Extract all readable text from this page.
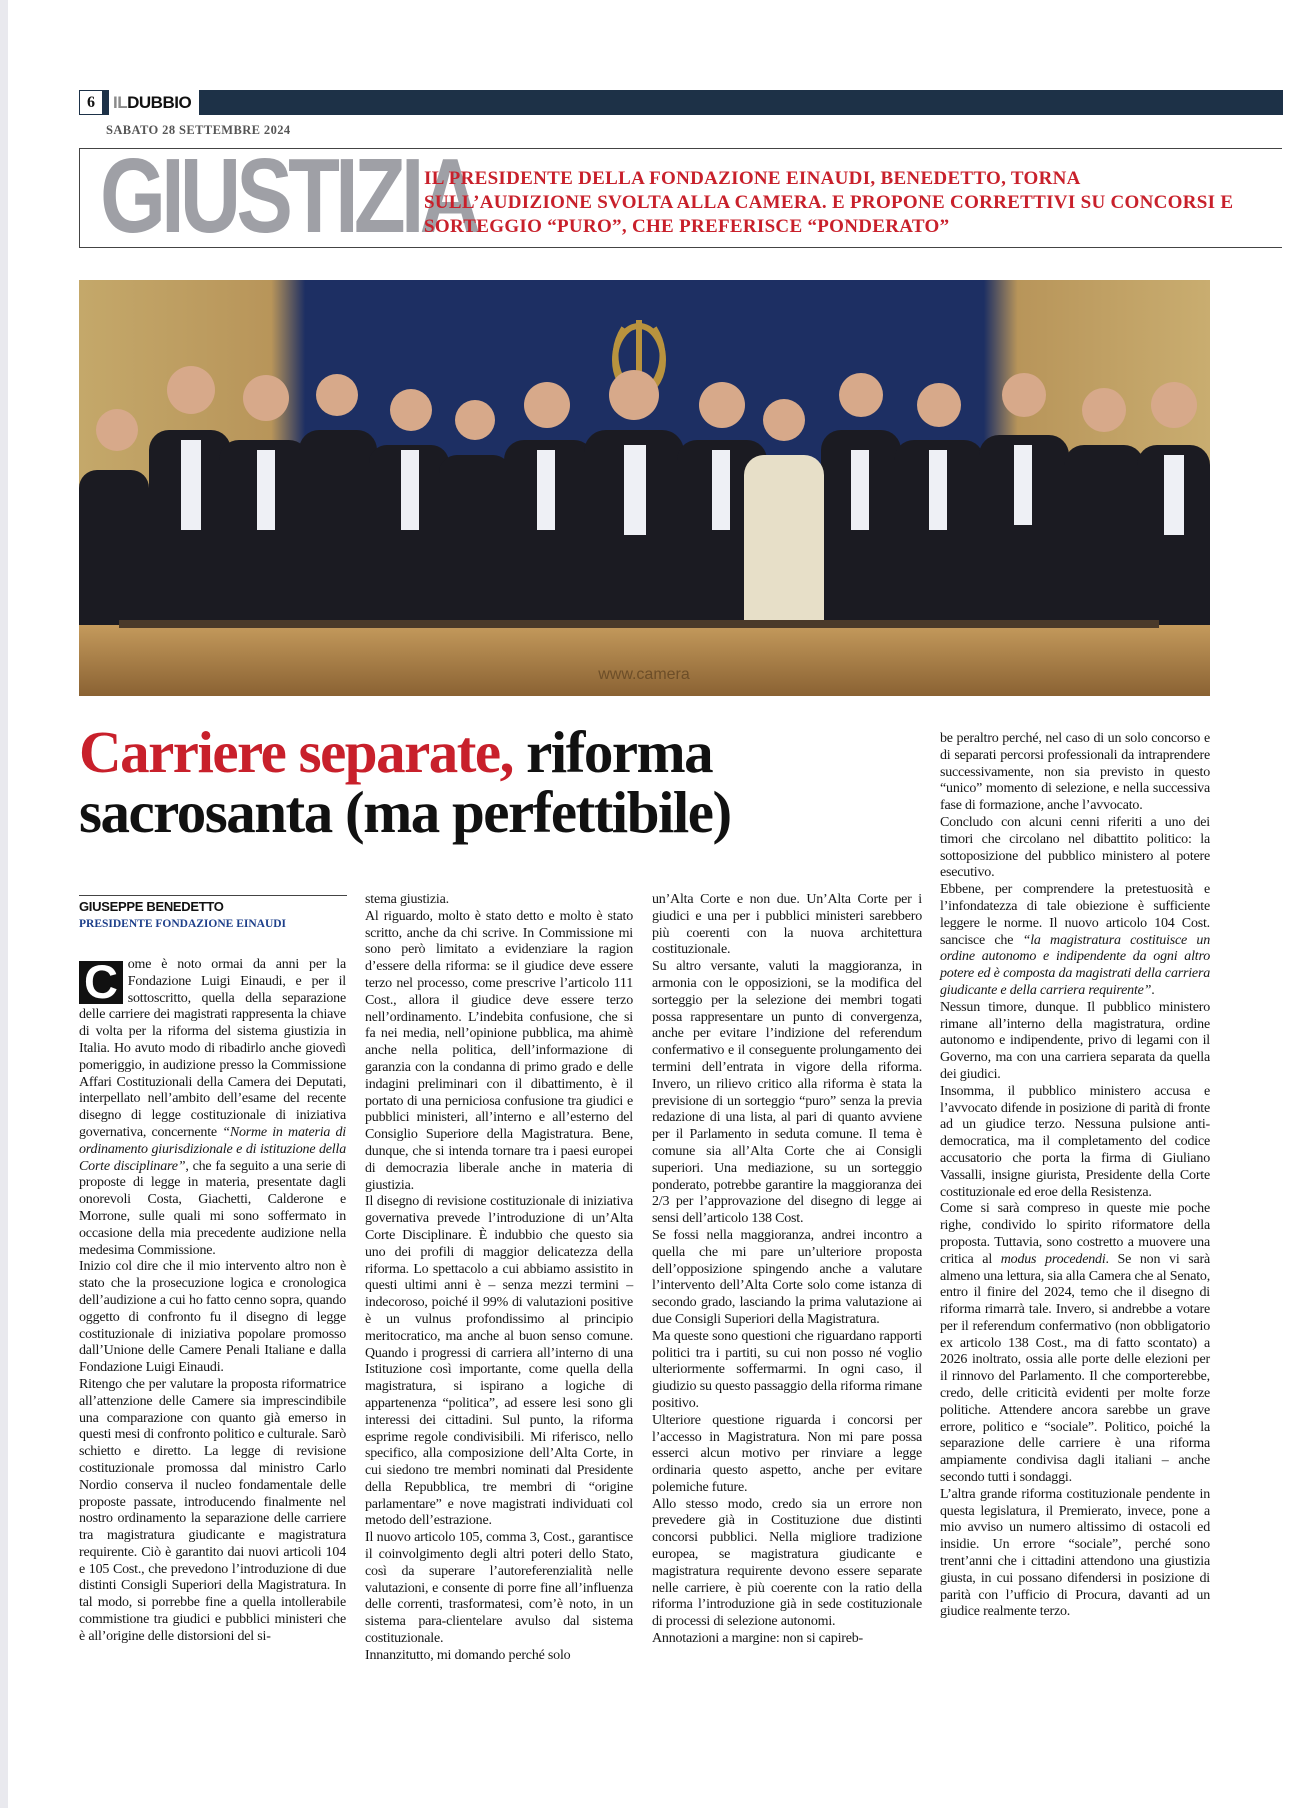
6	ILDUBBIO
SABATO 28 SETTEMBRE 2024
GIUSTIZIA
IL PRESIDENTE DELLA FONDAZIONE EINAUDI, BENEDETTO, TORNA SULL’AUDIZIONE SVOLTA ALLA CAMERA. E PROPONE CORRETTIVI SU CONCORSI E SORTEGGIO “PURO”, CHE PREFERISCE “PONDERATO”
www.camera
Carriere separate, riforma sacrosanta (ma perfettibile)
GIUSEPPE BENEDETTO
PRESIDENTE FONDAZIONE EINAUDI

C ome è noto ormai da anni per la Fondazione Luigi Einaudi, e per il sottoscritto, quella della separazione delle carriere dei magistrati rappresenta la chiave di volta per la riforma del sistema giustizia in Italia. Ho avuto modo di ribadirlo anche giovedì pomeriggio, in audizione presso la Commissione Affari Costituzionali della Camera dei Deputati, interpellato nell’ambito dell’esame del recente disegno di legge costituzionale di iniziativa governativa, concernente “Norme in materia di ordinamento giurisdizionale e di istituzione della Corte disciplinare”, che fa seguito a una serie di proposte di legge in materia, presentate dagli onorevoli Costa, Giachetti, Calderone e Morrone, sulle quali mi sono soffermato in occasione della mia precedente audizione nella medesima Commissione.

Inizio col dire che il mio intervento altro non è stato che la prosecuzione logica e cronologica dell’audizione a cui ho fatto cenno sopra, quando oggetto di confronto fu il disegno di legge costituzionale di iniziativa popolare promosso dall’Unione delle Camere Penali Italiane e dalla Fondazione Luigi Einaudi.

Ritengo che per valutare la proposta riformatrice all’attenzione delle Camere sia imprescindibile una comparazione con quanto già emerso in questi mesi di confronto politico e culturale. Sarò schietto e diretto. La legge di revisione costituzionale promossa dal ministro Carlo Nordio conserva il nucleo fondamentale delle proposte passate, introducendo finalmente nel nostro ordinamento la separazione delle carriere tra magistratura giudicante e magistratura requirente. Ciò è garantito dai nuovi articoli 104 e 105 Cost., che prevedono l’introduzione di due distinti Consigli Superiori della Magistratura. In tal modo, si porrebbe fine a quella intollerabile commistione tra giudici e pubblici ministeri che è all’origine delle distorsioni del si-

stema giustizia.

Al riguardo, molto è stato detto e molto è stato scritto, anche da chi scrive. In Commissione mi sono però limitato a evidenziare la ragion d’essere della riforma: se il giudice deve essere terzo nel processo, come prescrive l’articolo 111 Cost., allora il giudice deve essere terzo nell’ordinamento. L’indebita confusione, che si fa nei media, nell’opinione pubblica, ma ahimè anche nella politica, dell’informazione di garanzia con la condanna di primo grado e delle indagini preliminari con il dibattimento, è il portato di una perniciosa confusione tra giudici e pubblici ministeri, all’interno e all’esterno del Consiglio Superiore della Magistratura. Bene, dunque, che si intenda tornare tra i paesi europei di democrazia liberale anche in materia di giustizia.

Il disegno di revisione costituzionale di iniziativa governativa prevede l’introduzione di un’Alta Corte Disciplinare. È indubbio che questo sia uno dei profili di maggior delicatezza della riforma. Lo spettacolo a cui abbiamo assistito in questi ultimi anni è – senza mezzi termini – indecoroso, poiché il 99% di valutazioni positive è un vulnus profondissimo al principio meritocratico, ma anche al buon senso comune. Quando i progressi di carriera all’interno di una Istituzione così importante, come quella della magistratura, si ispirano a logiche di appartenenza “politica”, ad essere lesi sono gli interessi dei cittadini. Sul punto, la riforma esprime regole condivisibili. Mi riferisco, nello specifico, alla composizione dell’Alta Corte, in cui siedono tre membri nominati dal Presidente della Repubblica, tre membri di “origine parlamentare” e nove magistrati individuati col metodo dell’estrazione.

Il nuovo articolo 105, comma 3, Cost., garantisce il coinvolgimento degli altri poteri dello Stato, così da superare l’autoreferenzialità nelle valutazioni, e consente di porre fine all’influenza delle correnti, trasformatesi, com’è noto, in un sistema para-clientelare avulso dal sistema costituzionale.

Innanzitutto, mi domando perché solo

un’Alta Corte e non due. Un’Alta Corte per i giudici e una per i pubblici ministeri sarebbero più coerenti con la nuova architettura costituzionale.

Su altro versante, valuti la maggioranza, in armonia con le opposizioni, se la modifica del sorteggio per la selezione dei membri togati possa rappresentare un punto di convergenza, anche per evitare l’indizione del referendum confermativo e il conseguente prolungamento dei termini dell’entrata in vigore della riforma. Invero, un rilievo critico alla riforma è stata la previsione di un sorteggio “puro” senza la previa redazione di una lista, al pari di quanto avviene per il Parlamento in seduta comune. Il tema è comune sia all’Alta Corte che ai Consigli superiori. Una mediazione, su un sorteggio ponderato, potrebbe garantire la maggioranza dei 2/3 per l’approvazione del disegno di legge ai sensi dell’articolo 138 Cost.

Se fossi nella maggioranza, andrei incontro a quella che mi pare un’ulteriore proposta dell’opposizione spingendo anche a valutare l’intervento dell’Alta Corte solo come istanza di secondo grado, lasciando la prima valutazione ai due Consigli Superiori della Magistratura.

Ma queste sono questioni che riguardano rapporti politici tra i partiti, su cui non posso né voglio ulteriormente soffermarmi. In ogni caso, il giudizio su questo passaggio della riforma rimane positivo.

Ulteriore questione riguarda i concorsi per l’accesso in Magistratura. Non mi pare possa esserci alcun motivo per rinviare a legge ordinaria questo aspetto, anche per evitare polemiche future.

Allo stesso modo, credo sia un errore non prevedere già in Costituzione due distinti concorsi pubblici. Nella migliore tradizione europea, se magistratura giudicante e magistratura requirente devono essere separate nelle carriere, è più coerente con la ratio della riforma l’introduzione già in sede costituzionale di processi di selezione autonomi.

Annotazioni a margine: non si capireb-

be peraltro perché, nel caso di un solo concorso e di separati percorsi professionali da intraprendere successivamente, non sia previsto in questo “unico” momento di selezione, e nella successiva fase di formazione, anche l’avvocato.

Concludo con alcuni cenni riferiti a uno dei timori che circolano nel dibattito politico: la sottoposizione del pubblico ministero al potere esecutivo.

Ebbene, per comprendere la pretestuosità e l’infondatezza di tale obiezione è sufficiente leggere le norme. Il nuovo articolo 104 Cost. sancisce che “la magistratura costituisce un ordine autonomo e indipendente da ogni altro potere ed è composta da magistrati della carriera giudicante e della carriera requirente”.

Nessun timore, dunque. Il pubblico ministero rimane all’interno della magistratura, ordine autonomo e indipendente, privo di legami con il Governo, ma con una carriera separata da quella dei giudici.

Insomma, il pubblico ministero accusa e l’avvocato difende in posizione di parità di fronte ad un giudice terzo. Nessuna pulsione anti-democratica, ma il completamento del codice accusatorio che porta la firma di Giuliano Vassalli, insigne giurista, Presidente della Corte costituzionale ed eroe della Resistenza.

Come si sarà compreso in queste mie poche righe, condivido lo spirito riformatore della proposta. Tuttavia, sono costretto a muovere una critica al modus procedendi. Se non vi sarà almeno una lettura, sia alla Camera che al Senato, entro il finire del 2024, temo che il disegno di riforma rimarrà tale. Invero, si andrebbe a votare per il referendum confermativo (non obbligatorio ex articolo 138 Cost., ma di fatto scontato) a 2026 inoltrato, ossia alle porte delle elezioni per il rinnovo del Parlamento. Il che comporterebbe, credo, delle criticità evidenti per molte forze politiche. Attendere ancora sarebbe un grave errore, politico e “sociale”. Politico, poiché la separazione delle carriere è una riforma ampiamente condivisa dagli italiani – anche secondo tutti i sondaggi.

L’altra grande riforma costituzionale pendente in questa legislatura, il Premierato, invece, pone a mio avviso un numero altissimo di ostacoli ed insidie. Un errore “sociale”, perché sono trent’anni che i cittadini attendono una giustizia giusta, in cui possano difendersi in posizione di parità con l’ufficio di Procura, davanti ad un giudice realmente terzo.
